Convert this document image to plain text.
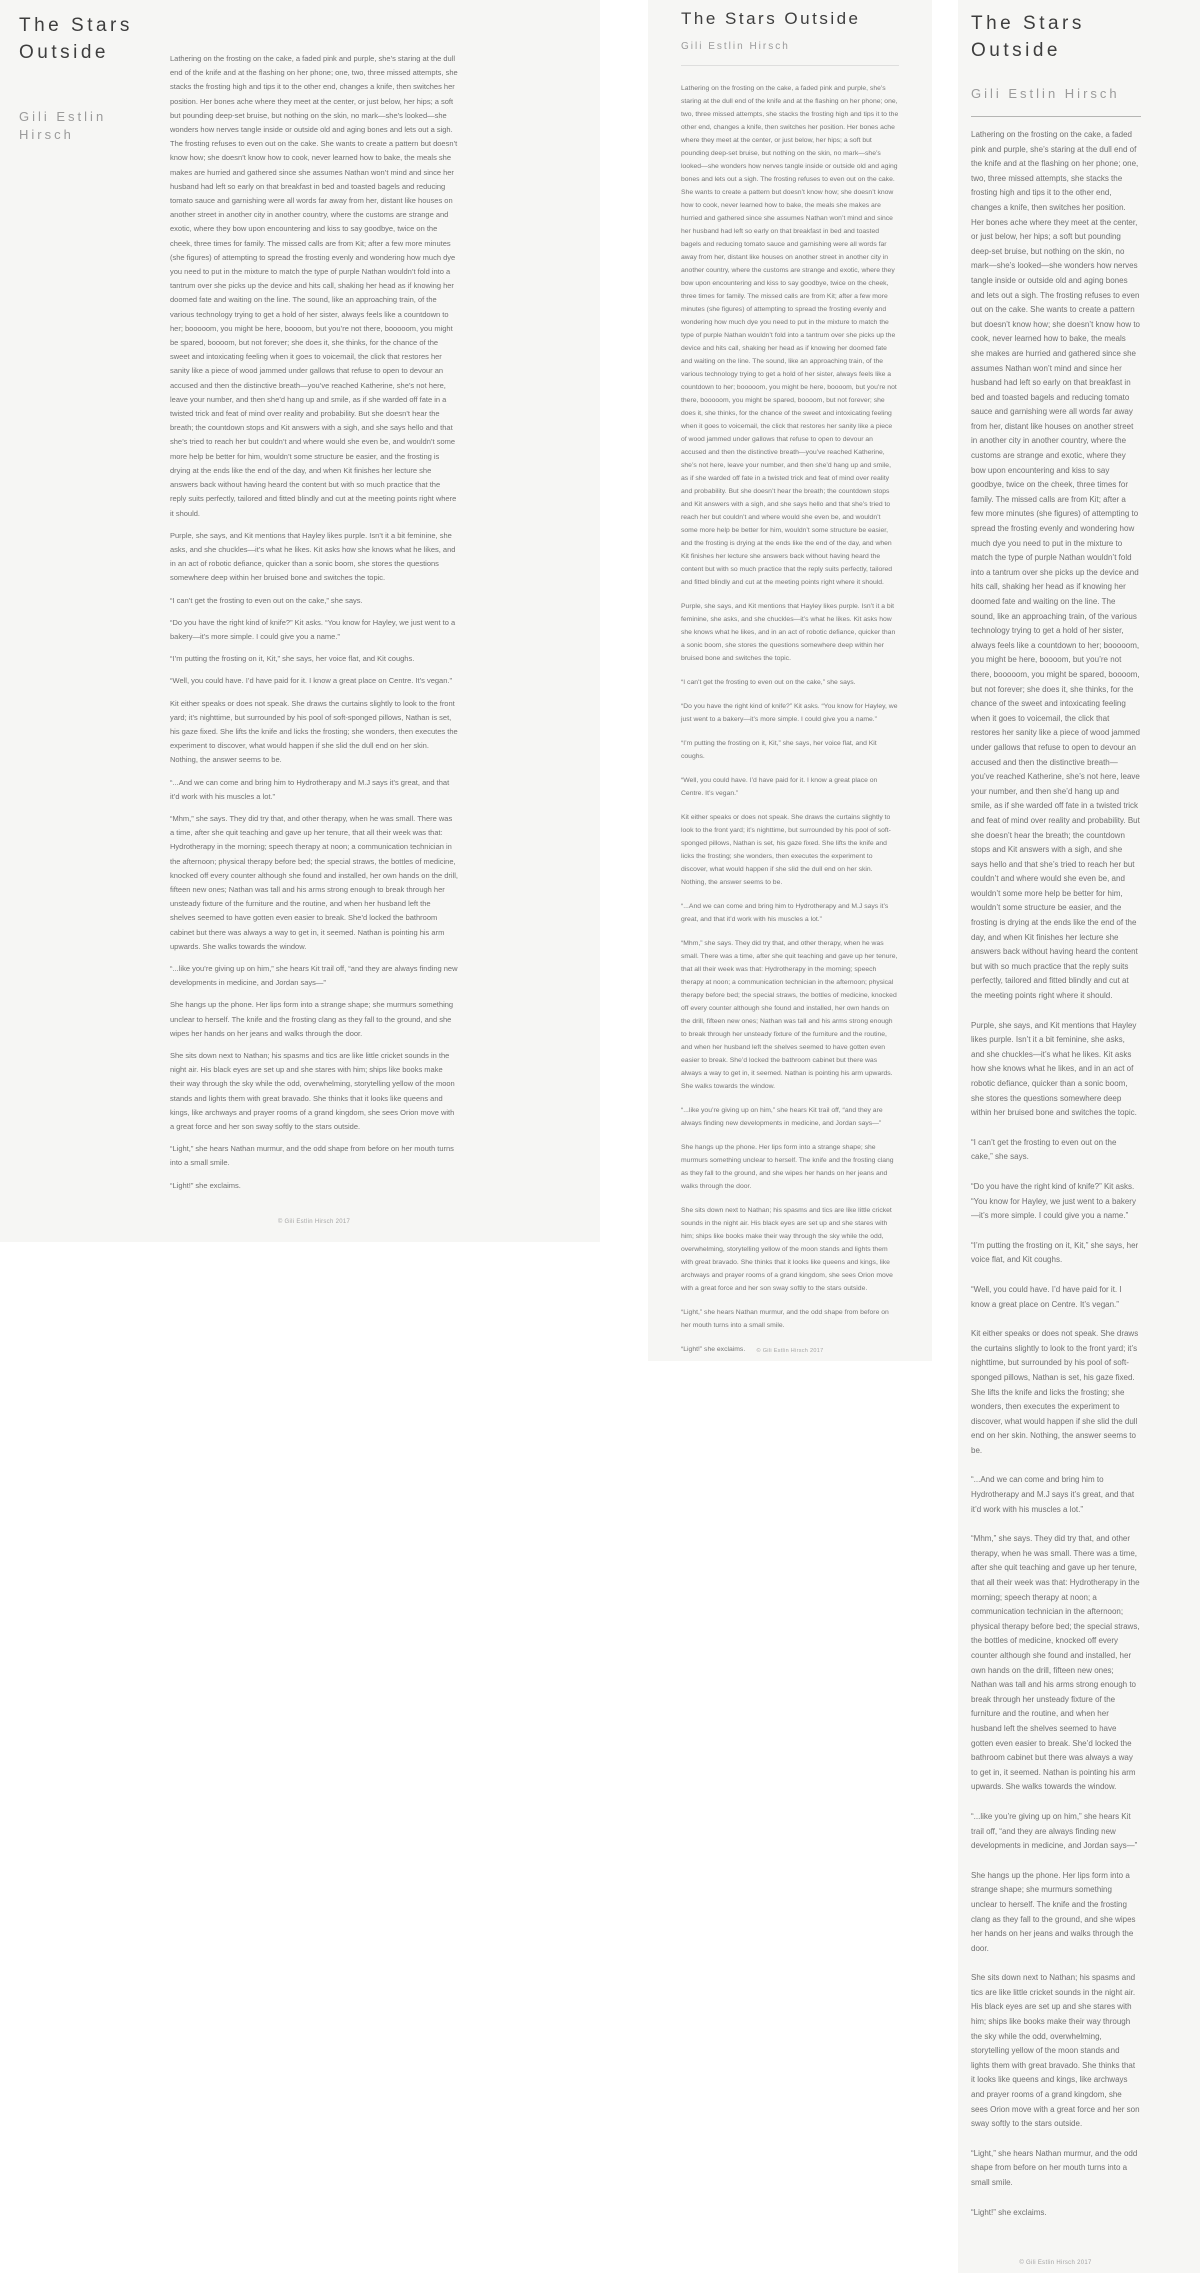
The Stars
Outside
Gili Estlin
Hirsch

Lathering on the frosting on the cake, a faded pink and purple, she’s staring at the dull end of the knife and at the flashing on her phone; one, two, three missed attempts, she stacks the frosting high and tips it to the other end, changes a knife, then switches her position. Her bones ache where they meet at the center, or just below, her hips; a soft but pounding deep-set bruise, but nothing on the skin, no mark—she’s looked—she wonders how nerves tangle inside or outside old and aging bones and lets out a sigh. The frosting refuses to even out on the cake. She wants to create a pattern but doesn’t know how; she doesn’t know how to cook, never learned how to bake, the meals she makes are hurried and gathered since she assumes Nathan won’t mind and since her husband had left so early on that breakfast in bed and toasted bagels and reducing tomato sauce and garnishing were all words far away from her, distant like houses on another street in another city in another country, where the customs are strange and exotic, where they bow upon encountering and kiss to say goodbye, twice on the cheek, three times for family. The missed calls are from Kit; after a few more minutes (she figures) of attempting to spread the frosting evenly and wondering how much dye you need to put in the mixture to match the type of purple Nathan wouldn’t fold into a tantrum over she picks up the device and hits call, shaking her head as if knowing her doomed fate and waiting on the line. The sound, like an approaching train, of the various technology trying to get a hold of her sister, always feels like a countdown to her; booooom, you might be here, boooom, but you’re not there, booooom, you might be spared, boooom, but not forever; she does it, she thinks, for the chance of the sweet and intoxicating feeling when it goes to voicemail, the click that restores her sanity like a piece of wood jammed under gallows that refuse to open to devour an accused and then the distinctive breath—you’ve reached Katherine, she’s not here, leave your number, and then she’d hang up and smile, as if she warded off fate in a twisted trick and feat of mind over reality and probability. But she doesn’t hear the breath; the countdown stops and Kit answers with a sigh, and she says hello and that she’s tried to reach her but couldn’t and where would she even be, and wouldn’t some more help be better for him, wouldn’t some structure be easier, and the frosting is drying at the ends like the end of the day, and when Kit finishes her lecture she answers back without having heard the content but with so much practice that the reply suits perfectly, tailored and fitted blindly and cut at the meeting points right where it should.

Purple, she says, and Kit mentions that Hayley likes purple. Isn’t it a bit feminine, she asks, and she chuckles—it’s what he likes. Kit asks how she knows what he likes, and in an act of robotic defiance, quicker than a sonic boom, she stores the questions somewhere deep within her bruised bone and switches the topic.

“I can’t get the frosting to even out on the cake,” she says.

“Do you have the right kind of knife?” Kit asks. “You know for Hayley, we just went to a bakery—it’s more simple. I could give you a name.”

“I’m putting the frosting on it, Kit,” she says, her voice flat, and Kit coughs.

“Well, you could have. I’d have paid for it. I know a great place on Centre. It’s vegan.”

Kit either speaks or does not speak. She draws the curtains slightly to look to the front yard; it’s nighttime, but surrounded by his pool of soft-sponged pillows, Nathan is set, his gaze fixed. She lifts the knife and licks the frosting; she wonders, then executes the experiment to discover, what would happen if she slid the dull end on her skin. Nothing, the answer seems to be.

“...And we can come and bring him to Hydrotherapy and M.J says it’s great, and that it’d work with his muscles a lot.”

“Mhm,” she says. They did try that, and other therapy, when he was small. There was a time, after she quit teaching and gave up her tenure, that all their week was that: Hydrotherapy in the morning; speech therapy at noon; a communication technician in the afternoon; physical therapy before bed; the special straws, the bottles of medicine, knocked off every counter although she found and installed, her own hands on the drill, fifteen new ones; Nathan was tall and his arms strong enough to break through her unsteady fixture of the furniture and the routine, and when her husband left the shelves seemed to have gotten even easier to break. She’d locked the bathroom cabinet but there was always a way to get in, it seemed. Nathan is pointing his arm upwards. She walks towards the window.

“...like you’re giving up on him,” she hears Kit trail off, “and they are always finding new developments in medicine, and Jordan says—”

She hangs up the phone. Her lips form into a strange shape; she murmurs something unclear to herself. The knife and the frosting clang as they fall to the ground, and she wipes her hands on her jeans and walks through the door.

She sits down next to Nathan; his spasms and tics are like little cricket sounds in the night air. His black eyes are set up and she stares with him; ships like books make their way through the sky while the odd, overwhelming, storytelling yellow of the moon stands and lights them with great bravado. She thinks that it looks like queens and kings, like archways and prayer rooms of a grand kingdom, she sees Orion move with a great force and her son sway softly to the stars outside.

“Light,” she hears Nathan murmur, and the odd shape from before on her mouth turns into a small smile.

“Light!” she exclaims.

© Gili Estlin Hirsch 2017
The Stars Outside
Gili Estlin Hirsch

Lathering on the frosting on the cake, a faded pink and purple, she’s staring at the dull end of the knife and at the flashing on her phone; one, two, three missed attempts, she stacks the frosting high and tips it to the other end, changes a knife, then switches her position. Her bones ache where they meet at the center, or just below, her hips; a soft but pounding deep-set bruise, but nothing on the skin, no mark—she’s looked—she wonders how nerves tangle inside or outside old and aging bones and lets out a sigh. The frosting refuses to even out on the cake. She wants to create a pattern but doesn’t know how; she doesn’t know how to cook, never learned how to bake, the meals she makes are hurried and gathered since she assumes Nathan won’t mind and since her husband had left so early on that breakfast in bed and toasted bagels and reducing tomato sauce and garnishing were all words far away from her, distant like houses on another street in another city in another country, where the customs are strange and exotic, where they bow upon encountering and kiss to say goodbye, twice on the cheek, three times for family. The missed calls are from Kit; after a few more minutes (she figures) of attempting to spread the frosting evenly and wondering how much dye you need to put in the mixture to match the type of purple Nathan wouldn’t fold into a tantrum over she picks up the device and hits call, shaking her head as if knowing her doomed fate and waiting on the line. The sound, like an approaching train, of the various technology trying to get a hold of her sister, always feels like a countdown to her; booooom, you might be here, boooom, but you’re not there, booooom, you might be spared, boooom, but not forever; she does it, she thinks, for the chance of the sweet and intoxicating feeling when it goes to voicemail, the click that restores her sanity like a piece of wood jammed under gallows that refuse to open to devour an accused and then the distinctive breath—you’ve reached Katherine, she’s not here, leave your number, and then she’d hang up and smile, as if she warded off fate in a twisted trick and feat of mind over reality and probability. But she doesn’t hear the breath; the countdown stops and Kit answers with a sigh, and she says hello and that she’s tried to reach her but couldn’t and where would she even be, and wouldn’t some more help be better for him, wouldn’t some structure be easier, and the frosting is drying at the ends like the end of the day, and when Kit finishes her lecture she answers back without having heard the content but with so much practice that the reply suits perfectly, tailored and fitted blindly and cut at the meeting points right where it should.

Purple, she says, and Kit mentions that Hayley likes purple. Isn’t it a bit feminine, she asks, and she chuckles—it’s what he likes. Kit asks how she knows what he likes, and in an act of robotic defiance, quicker than a sonic boom, she stores the questions somewhere deep within her bruised bone and switches the topic.

“I can’t get the frosting to even out on the cake,” she says.

“Do you have the right kind of knife?” Kit asks. “You know for Hayley, we just went to a bakery—it’s more simple. I could give you a name.”

“I’m putting the frosting on it, Kit,” she says, her voice flat, and Kit coughs.

“Well, you could have. I’d have paid for it. I know a great place on Centre. It’s vegan.”

Kit either speaks or does not speak. She draws the curtains slightly to look to the front yard; it’s nighttime, but surrounded by his pool of soft-sponged pillows, Nathan is set, his gaze fixed. She lifts the knife and licks the frosting; she wonders, then executes the experiment to discover, what would happen if she slid the dull end on her skin. Nothing, the answer seems to be.

“...And we can come and bring him to Hydrotherapy and M.J says it’s great, and that it’d work with his muscles a lot.”

“Mhm,” she says. They did try that, and other therapy, when he was small. There was a time, after she quit teaching and gave up her tenure, that all their week was that: Hydrotherapy in the morning; speech therapy at noon; a communication technician in the afternoon; physical therapy before bed; the special straws, the bottles of medicine, knocked off every counter although she found and installed, her own hands on the drill, fifteen new ones; Nathan was tall and his arms strong enough to break through her unsteady fixture of the furniture and the routine, and when her husband left the shelves seemed to have gotten even easier to break. She’d locked the bathroom cabinet but there was always a way to get in, it seemed. Nathan is pointing his arm upwards. She walks towards the window.

“...like you’re giving up on him,” she hears Kit trail off, “and they are always finding new developments in medicine, and Jordan says—”

She hangs up the phone. Her lips form into a strange shape; she murmurs something unclear to herself. The knife and the frosting clang as they fall to the ground, and she wipes her hands on her jeans and walks through the door.

She sits down next to Nathan; his spasms and tics are like little cricket sounds in the night air. His black eyes are set up and she stares with him; ships like books make their way through the sky while the odd, overwhelming, storytelling yellow of the moon stands and lights them with great bravado. She thinks that it looks like queens and kings, like archways and prayer rooms of a grand kingdom, she sees Orion move with a great force and her son sway softly to the stars outside.

“Light,” she hears Nathan murmur, and the odd shape from before on her mouth turns into a small smile.

“Light!” she exclaims.	© Gili Estlin Hirsch 2017
The Stars
Outside
Gili Estlin Hirsch

Lathering on the frosting on the cake, a faded pink and purple, she’s staring at the dull end of the knife and at the flashing on her phone; one, two, three missed attempts, she stacks the frosting high and tips it to the other end, changes a knife, then switches her position. Her bones ache where they meet at the center, or just below, her hips; a soft but pounding deep-set bruise, but nothing on the skin, no mark—she’s looked—she wonders how nerves tangle inside or outside old and aging bones and lets out a sigh. The frosting refuses to even out on the cake. She wants to create a pattern but doesn’t know how; she doesn’t know how to cook, never learned how to bake, the meals she makes are hurried and gathered since she assumes Nathan won’t mind and since her husband had left so early on that breakfast in bed and toasted bagels and reducing tomato sauce and garnishing were all words far away from her, distant like houses on another street in another city in another country, where the customs are strange and exotic, where they bow upon encountering and kiss to say goodbye, twice on the cheek, three times for family. The missed calls are from Kit; after a few more minutes (she figures) of attempting to spread the frosting evenly and wondering how much dye you need to put in the mixture to match the type of purple Nathan wouldn’t fold into a tantrum over she picks up the device and hits call, shaking her head as if knowing her doomed fate and waiting on the line. The sound, like an approaching train, of the various technology trying to get a hold of her sister, always feels like a countdown to her; booooom, you might be here, boooom, but you’re not there, booooom, you might be spared, boooom, but not forever; she does it, she thinks, for the chance of the sweet and intoxicating feeling when it goes to voicemail, the click that restores her sanity like a piece of wood jammed under gallows that refuse to open to devour an accused and then the distinctive breath—you’ve reached Katherine, she’s not here, leave your number, and then she’d hang up and smile, as if she warded off fate in a twisted trick and feat of mind over reality and probability. But she doesn’t hear the breath; the countdown stops and Kit answers with a sigh, and she says hello and that she’s tried to reach her but couldn’t and where would she even be, and wouldn’t some more help be better for him, wouldn’t some structure be easier, and the frosting is drying at the ends like the end of the day, and when Kit finishes her lecture she answers back without having heard the content but with so much practice that the reply suits perfectly, tailored and fitted blindly and cut at the meeting points right where it should.

Purple, she says, and Kit mentions that Hayley likes purple. Isn’t it a bit feminine, she asks, and she chuckles—it’s what he likes. Kit asks how she knows what he likes, and in an act of robotic defiance, quicker than a sonic boom, she stores the questions somewhere deep within her bruised bone and switches the topic.

“I can’t get the frosting to even out on the cake,” she says.

“Do you have the right kind of knife?” Kit asks. “You know for Hayley, we just went to a bakery—it’s more simple. I could give you a name.”

“I’m putting the frosting on it, Kit,” she says, her voice flat, and Kit coughs.

“Well, you could have. I’d have paid for it. I know a great place on Centre. It’s vegan.”

Kit either speaks or does not speak. She draws the curtains slightly to look to the front yard; it’s nighttime, but surrounded by his pool of soft-sponged pillows, Nathan is set, his gaze fixed. She lifts the knife and licks the frosting; she wonders, then executes the experiment to discover, what would happen if she slid the dull end on her skin. Nothing, the answer seems to be.

“...And we can come and bring him to Hydrotherapy and M.J says it’s great, and that it’d work with his muscles a lot.”

“Mhm,” she says. They did try that, and other therapy, when he was small. There was a time, after she quit teaching and gave up her tenure, that all their week was that: Hydrotherapy in the morning; speech therapy at noon; a communication technician in the afternoon; physical therapy before bed; the special straws, the bottles of medicine, knocked off every counter although she found and installed, her own hands on the drill, fifteen new ones; Nathan was tall and his arms strong enough to break through her unsteady fixture of the furniture and the routine, and when her husband left the shelves seemed to have gotten even easier to break. She’d locked the bathroom cabinet but there was always a way to get in, it seemed. Nathan is pointing his arm upwards. She walks towards the window.

“...like you’re giving up on him,” she hears Kit trail off, “and they are always finding new developments in medicine, and Jordan says—”

She hangs up the phone. Her lips form into a strange shape; she murmurs something unclear to herself. The knife and the frosting clang as they fall to the ground, and she wipes her hands on her jeans and walks through the door.

She sits down next to Nathan; his spasms and tics are like little cricket sounds in the night air. His black eyes are set up and she stares with him; ships like books make their way through the sky while the odd, overwhelming, storytelling yellow of the moon stands and lights them with great bravado. She thinks that it looks like queens and kings, like archways and prayer rooms of a grand kingdom, she sees Orion move with a great force and her son sway softly to the stars outside.

“Light,” she hears Nathan murmur, and the odd shape from before on her mouth turns into a small smile.

“Light!” she exclaims.

© Gili Estlin Hirsch 2017
